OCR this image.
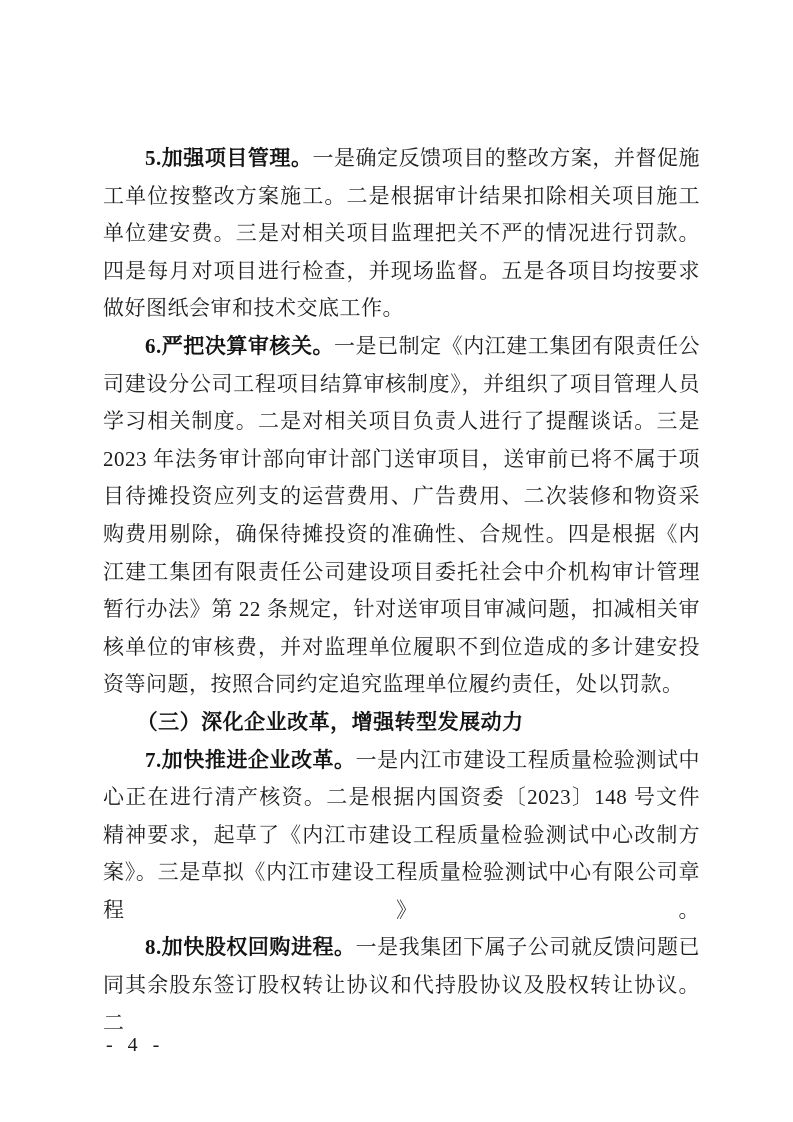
5.加强项目管理。一是确定反馈项目的整改方案，并督促施工单位按整改方案施工。二是根据审计结果扣除相关项目施工单位建安费。三是对相关项目监理把关不严的情况进行罚款。四是每月对项目进行检查，并现场监督。五是各项目均按要求做好图纸会审和技术交底工作。

6.严把决算审核关。一是已制定《内江建工集团有限责任公司建设分公司工程项目结算审核制度》，并组织了项目管理人员学习相关制度。二是对相关项目负责人进行了提醒谈话。三是 2023 年法务审计部向审计部门送审项目，送审前已将不属于项目待摊投资应列支的运营费用、广告费用、二次装修和物资采购费用剔除，确保待摊投资的准确性、合规性。四是根据《内江建工集团有限责任公司建设项目委托社会中介机构审计管理暂行办法》第 22 条规定，针对送审项目审减问题，扣减相关审核单位的审核费，并对监理单位履职不到位造成的多计建安投资等问题，按照合同约定追究监理单位履约责任，处以罚款。

（三）深化企业改革，增强转型发展动力

7.加快推进企业改革。一是内江市建设工程质量检验测试中心正在进行清产核资。二是根据内国资委〔2023〕148 号文件精神要求，起草了《内江市建设工程质量检验测试中心改制方案》。三是草拟《内江市建设工程质量检验测试中心有限公司章程》。

8.加快股权回购进程。一是我集团下属子公司就反馈问题已同其余股东签订股权转让协议和代持股协议及股权转让协议。二

- 4 -
